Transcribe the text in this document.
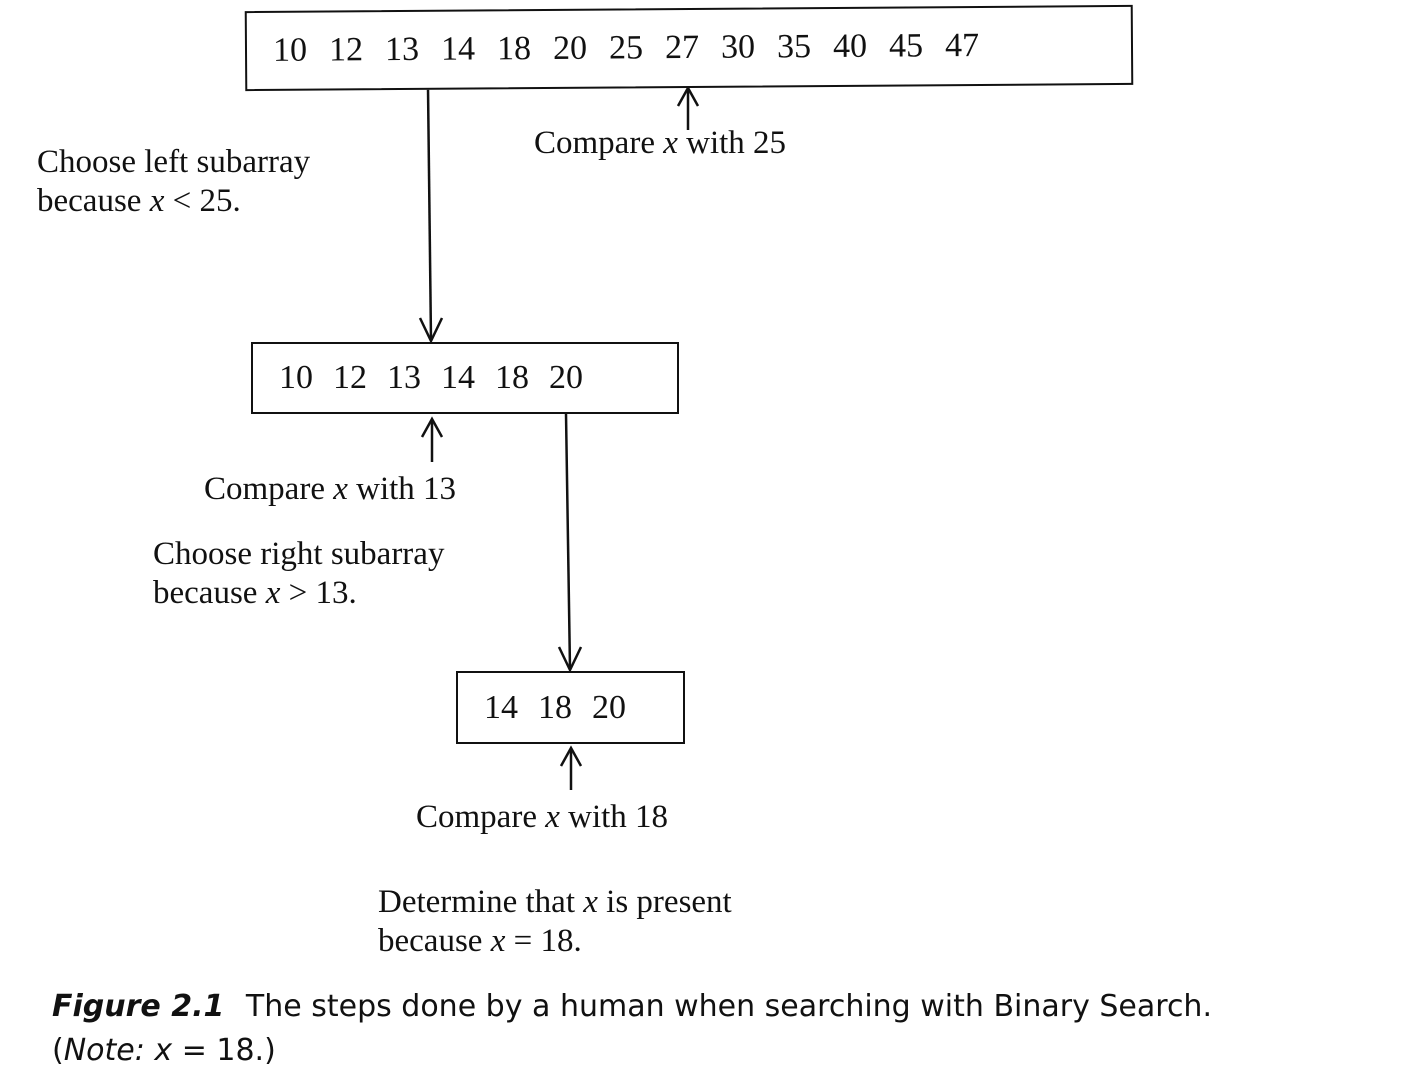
10 12 13 14 18 20 25 27 30 35 40 45 47
10 12 13 14 18 20
14 18 20
Compare x with 25
Choose left subarray
because x < 25.
Compare x with 13
Choose right subarray
because x > 13.
Compare x with 18
Determine that x is present
because x = 18.
Figure 2.1 The steps done by a human when searching with Binary Search.
(Note: x = 18.)
